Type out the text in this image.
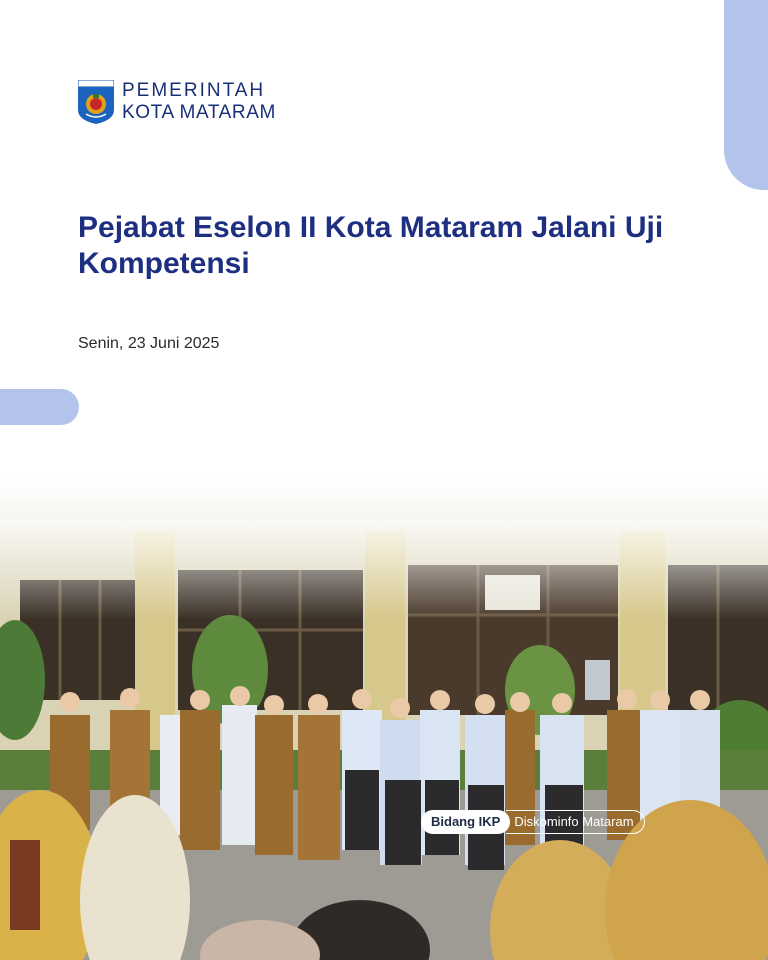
PEMERINTAH
KOTA MATARAM
Pejabat Eselon II Kota Mataram Jalani Uji Kompetensi
Senin, 23 Juni 2025
Bidang IKP	Diskominfo Mataram
